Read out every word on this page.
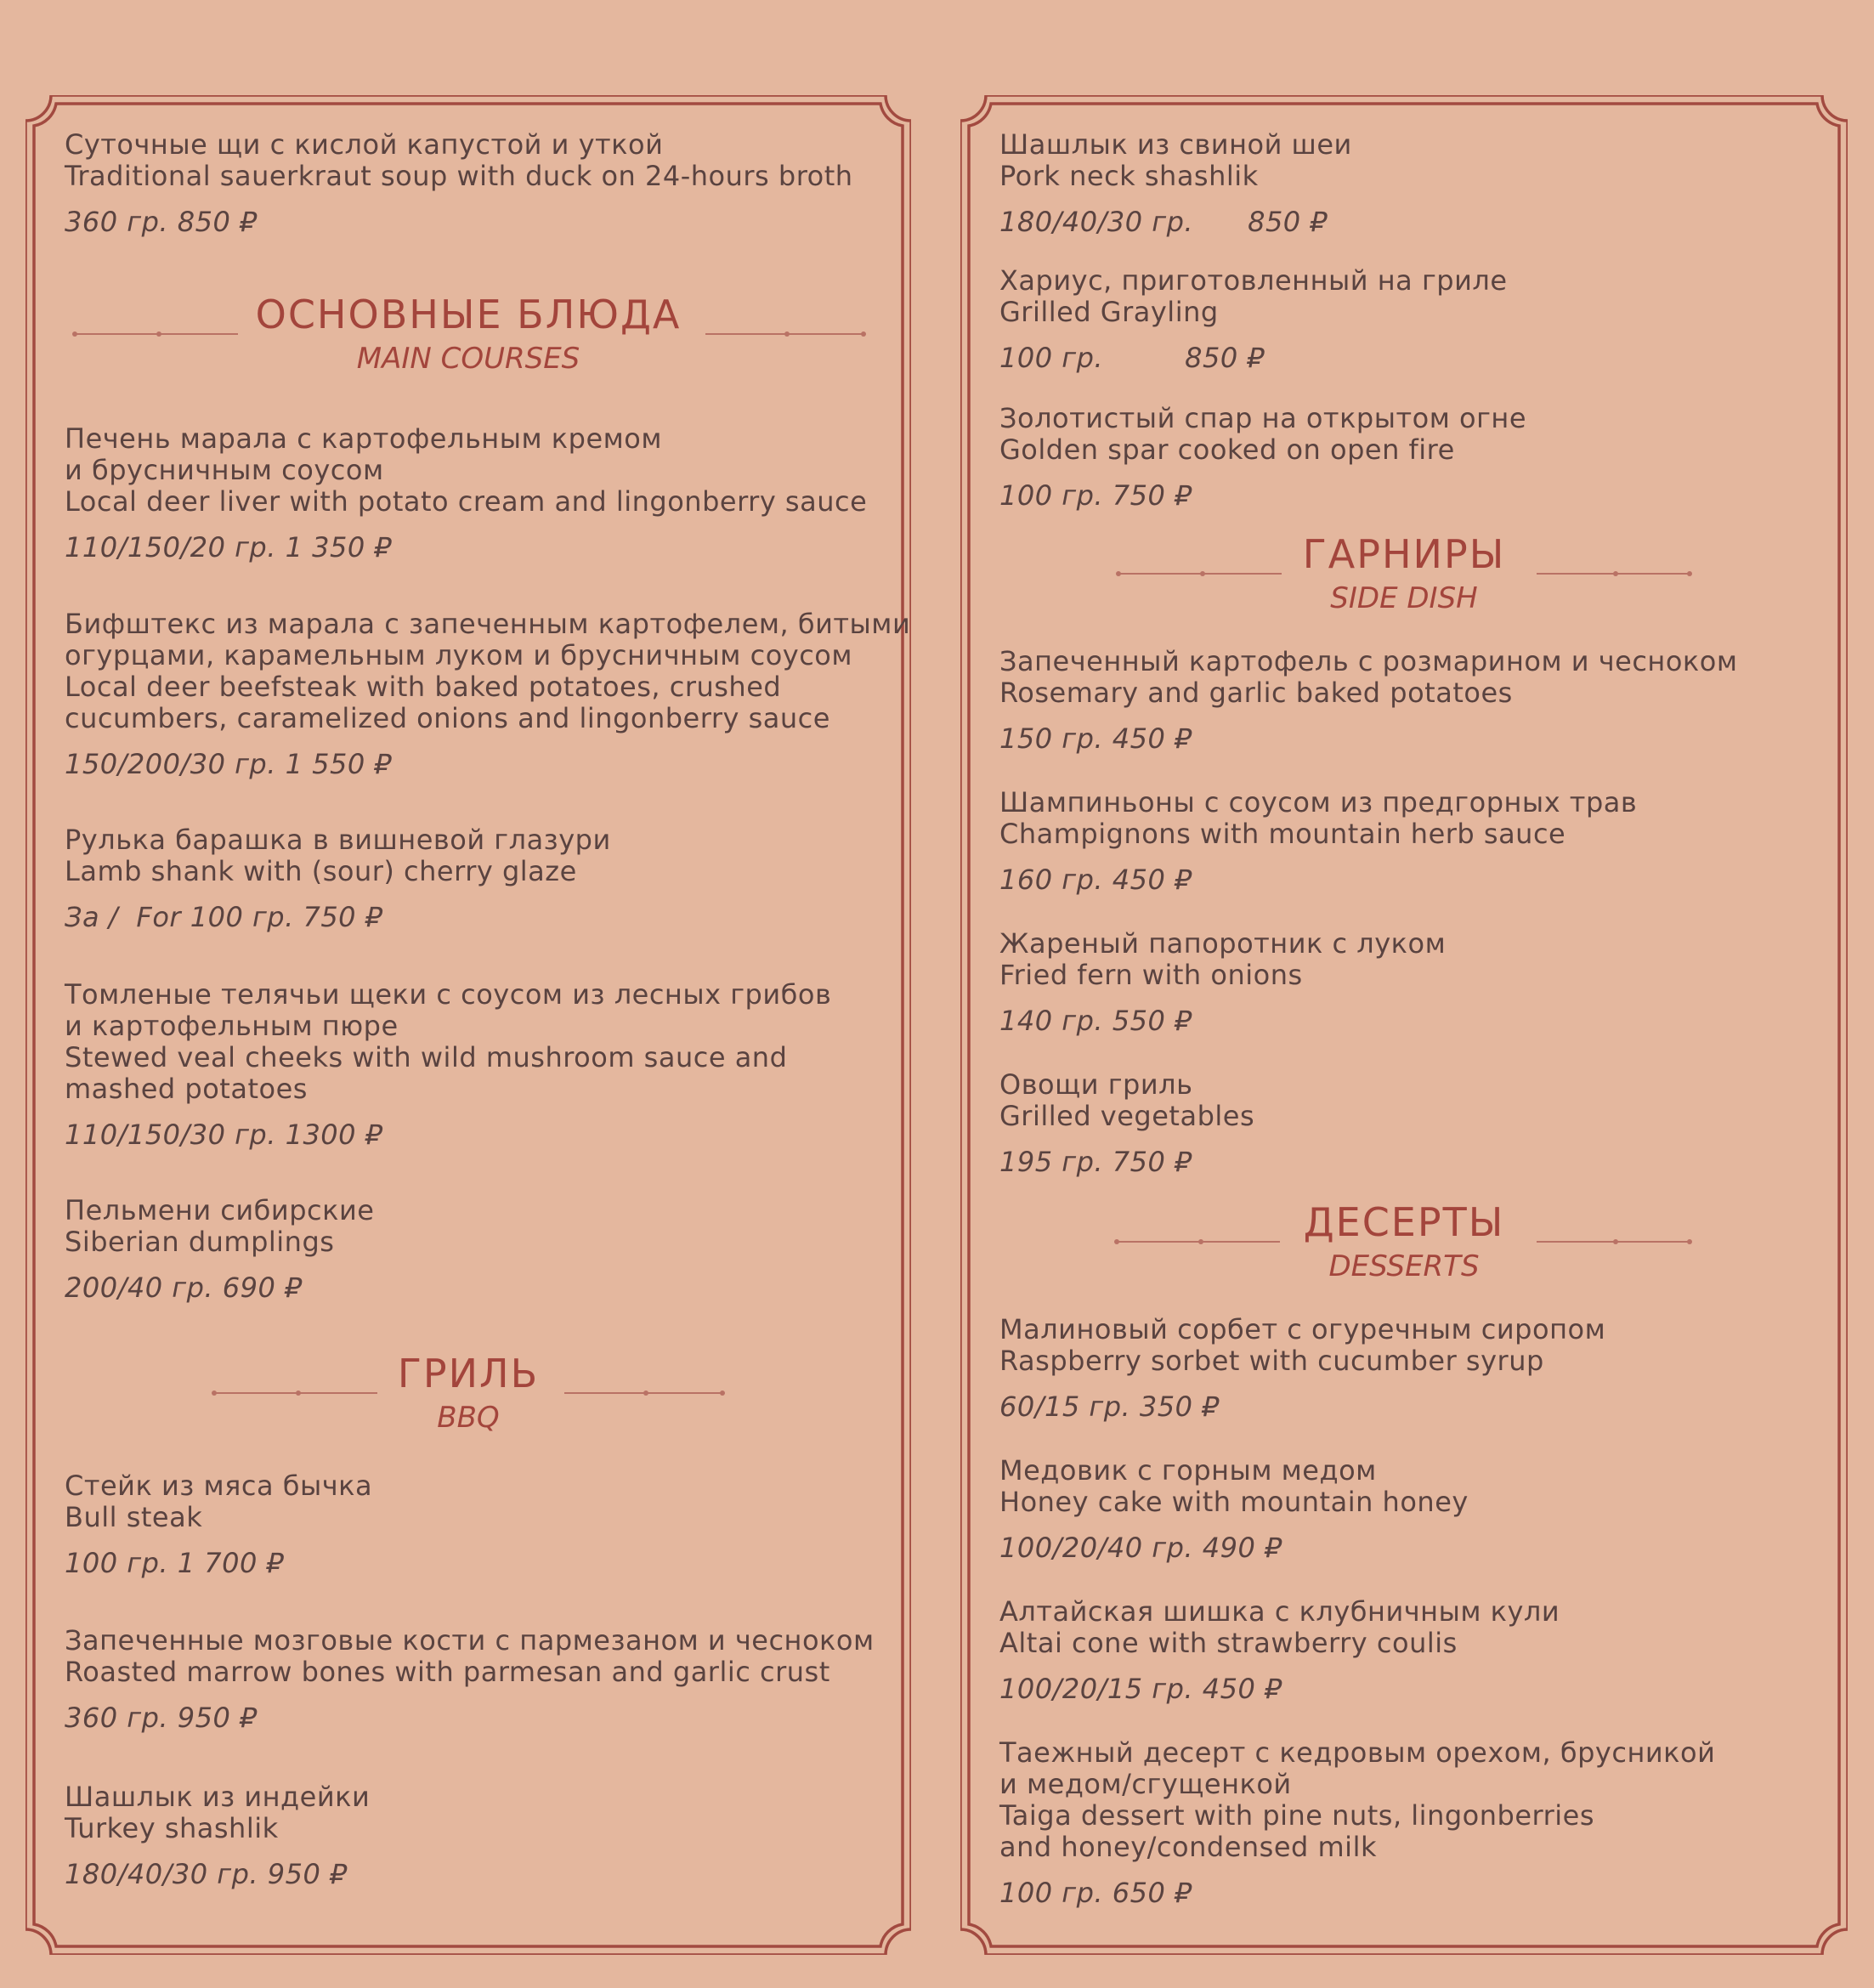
Суточные щи с кислой капустой и уткой
Traditional sauerkraut soup with duck on 24-hours broth
360 гр. 850 ₽
ОСНОВНЫЕ БЛЮДА
MAIN COURSES
Печень марала с картофельным кремом
и брусничным соусом
Local deer liver with potato cream and lingonberry sauce
110/150/20 гр. 1 350 ₽
Бифштекс из марала с запеченным картофелем, битыми
огурцами, карамельным луком и брусничным соусом
Local deer beefsteak with baked potatoes, crushed
cucumbers, caramelized onions and lingonberry sauce
150/200/30 гр. 1 550 ₽
Рулька барашка в вишневой глазури
Lamb shank with (sour) cherry glaze
За /  For 100 гр. 750 ₽
Томленые телячьи щеки с соусом из лесных грибов
и картофельным пюре
Stewed veal cheeks with wild mushroom sauce and
mashed potatoes
110/150/30 гр. 1300 ₽
Пельмени сибирские
Siberian dumplings
200/40 гр. 690 ₽
ГРИЛЬ
BBQ
Стейк из мяса бычка
Bull steak
100 гр. 1 700 ₽
Запеченные мозговые кости с пармезаном и чесноком
Roasted marrow bones with parmesan and garlic crust
360 гр. 950 ₽
Шашлык из индейки
Turkey shashlik
180/40/30 гр. 950 ₽
Шашлык из свиной шеи
Pork neck shashlik
180/40/30 гр.      850 ₽
Хариус, приготовленный на гриле
Grilled Grayling
100 гр.         850 ₽
Золотистый спар на открытом огне
Golden spar cooked on open fire
100 гр. 750 ₽
ГАРНИРЫ
SIDE DISH
Запеченный картофель с розмарином и чесноком
Rosemary and garlic baked potatoes
150 гр. 450 ₽
Шампиньоны с соусом из предгорных трав
Champignons with mountain herb sauce
160 гр. 450 ₽
Жареный папоротник с луком
Fried fern with onions
140 гр. 550 ₽
Овощи гриль
Grilled vegetables
195 гр. 750 ₽
ДЕСЕРТЫ
DESSERTS
Малиновый сорбет с огуречным сиропом
Raspberry sorbet with cucumber syrup
60/15 гр. 350 ₽
Медовик с горным медом
Honey cake with mountain honey
100/20/40 гр. 490 ₽
Алтайская шишка с клубничным кули
Altai cone with strawberry coulis
100/20/15 гр. 450 ₽
Таежный десерт с кедровым орехом, брусникой
и медом/сгущенкой
Taiga dessert with pine nuts, lingonberries
and honey/condensed milk
100 гр. 650 ₽
